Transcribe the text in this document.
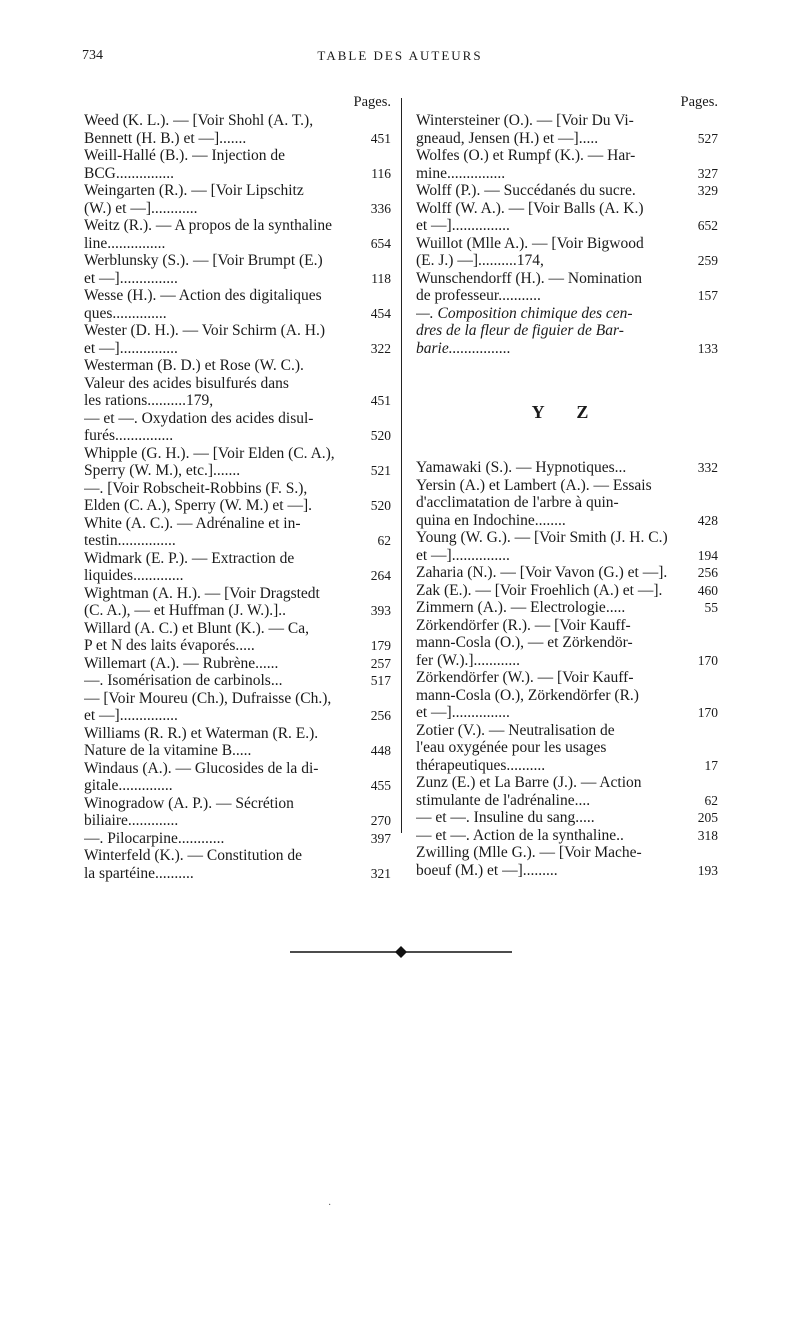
734	TABLE DES AUTEURS
Pages.
Weed (K. L.). — [Voir Shohl (A. T.),
Bennett (H. B.) et —].......	451
Weill-Hallé (B.). — Injection de
BCG...............	116
Weingarten (R.). — [Voir Lipschitz
(W.) et —]............	336
Weitz (R.). — A propos de la synthaline
line...............	654
Werblunsky (S.). — [Voir Brumpt (E.)
et —]...............	118
Wesse (H.). — Action des digitaliques
ques..............	454
Wester (D. H.). — Voir Schirm (A. H.)
et —]...............	322
Westerman (B. D.) et Rose (W. C.).
Valeur des acides bisulfurés dans
les rations..........179,	451
— et —. Oxydation des acides disul-
furés...............	520
Whipple (G. H.). — [Voir Elden (C. A.),
Sperry (W. M.), etc.].......	521
—. [Voir Robscheit-Robbins (F. S.),
Elden (C. A.), Sperry (W. M.) et —].	520
White (A. C.). — Adrénaline et in-
testin...............	62
Widmark (E. P.). — Extraction de
liquides.............	264
Wightman (A. H.). — [Voir Dragstedt
(C. A.), — et Huffman (J. W.).]..	393
Willard (A. C.) et Blunt (K.). — Ca,
P et N des laits évaporés.....	179
Willemart (A.). — Rubrène......	257
—. Isomérisation de carbinols...	517
— [Voir Moureu (Ch.), Dufraisse (Ch.),
et —]...............	256
Williams (R. R.) et Waterman (R. E.).
Nature de la vitamine B.....	448
Windaus (A.). — Glucosides de la di-
gitale..............	455
Winogradow (A. P.). — Sécrétion
biliaire.............	270
—. Pilocarpine............	397
Winterfeld (K.). — Constitution de
la spartéine..........	321
Pages.
Wintersteiner (O.). — [Voir Du Vi-
gneaud, Jensen (H.) et —].....	527
Wolfes (O.) et Rumpf (K.). — Har-
mine...............	327
Wolff (P.). — Succédanés du sucre.	329
Wolff (W. A.). — [Voir Balls (A. K.)
et —]...............	652
Wuillot (Mlle A.). — [Voir Bigwood
(E. J.) —]..........174,	259
Wunschendorff (H.). — Nomination
de professeur...........	157
—. Composition chimique des cen-
dres de la fleur de figuier de Bar-
barie................	133
Y Z
Yamawaki (S.). — Hypnotiques...	332
Yersin (A.) et Lambert (A.). — Essais
d'acclimatation de l'arbre à quin-
quina en Indochine........	428
Young (W. G.). — [Voir Smith (J. H. C.)
et —]...............	194
Zaharia (N.). — [Voir Vavon (G.) et —].	256
Zak (E.). — [Voir Froehlich (A.) et —].	460
Zimmern (A.). — Electrologie.....	55
Zörkendörfer (R.). — [Voir Kauff-
mann-Cosla (O.), — et Zörkendör-
fer (W.).]............	170
Zörkendörfer (W.). — [Voir Kauff-
mann-Cosla (O.), Zörkendörfer (R.)
et —]...............	170
Zotier (V.). — Neutralisation de
l'eau oxygénée pour les usages
thérapeutiques..........	17
Zunz (E.) et La Barre (J.). — Action
stimulante de l'adrénaline....	62
— et —. Insuline du sang.....	205
— et —. Action de la synthaline..	318
Zwilling (Mlle G.). — [Voir Mache-
boeuf (M.) et —].........	193
·
